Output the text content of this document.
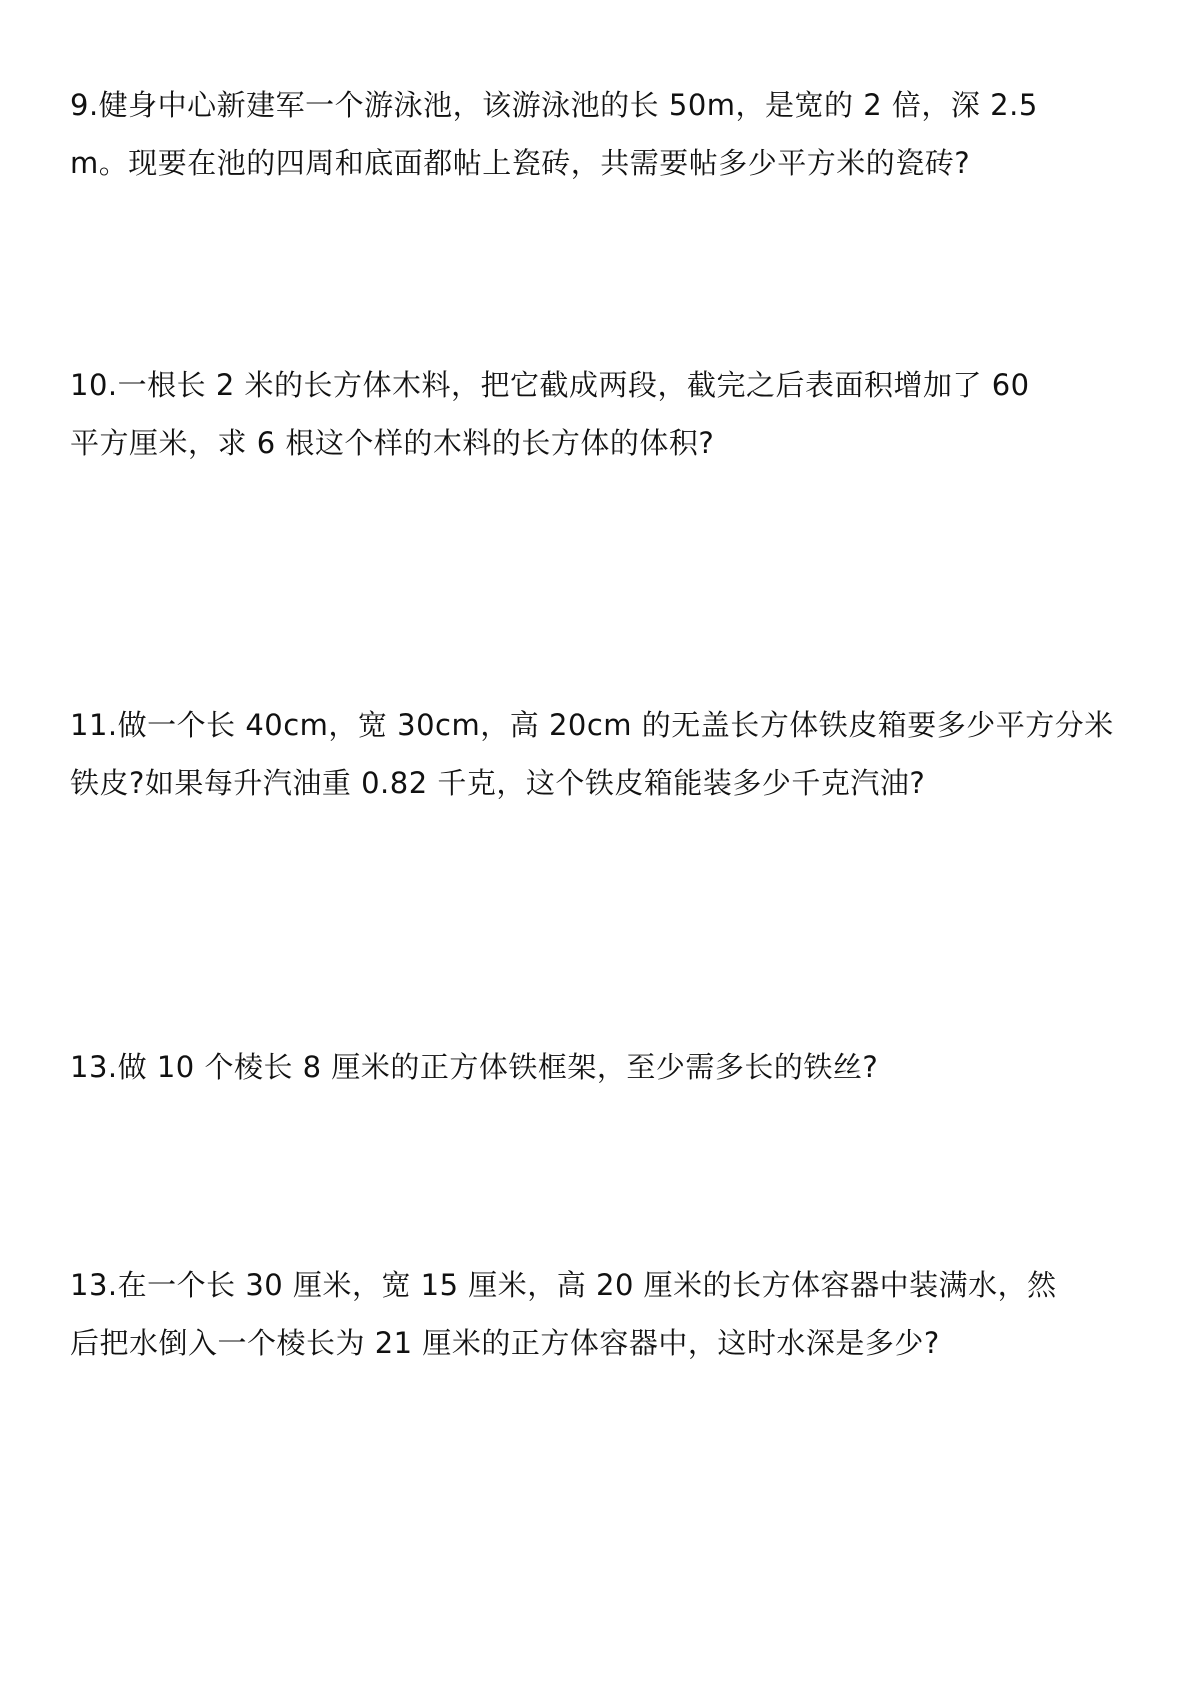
9.健身中心新建军一个游泳池，该游泳池的长 50m，是宽的 2 倍，深 2.5
m。现要在池的四周和底面都帖上瓷砖，共需要帖多少平方米的瓷砖?
10.一根长 2 米的长方体木料，把它截成两段，截完之后表面积增加了 60
平方厘米，求 6 根这个样的木料的长方体的体积?
11.做一个长 40cm，宽 30cm，高 20cm 的无盖长方体铁皮箱要多少平方分米
铁皮?如果每升汽油重 0.82 千克，这个铁皮箱能装多少千克汽油?
13.做 10 个棱长 8 厘米的正方体铁框架，至少需多长的铁丝?
13.在一个长 30 厘米，宽 15 厘米，高 20 厘米的长方体容器中装满水，然
后把水倒入一个棱长为 21 厘米的正方体容器中，这时水深是多少?
